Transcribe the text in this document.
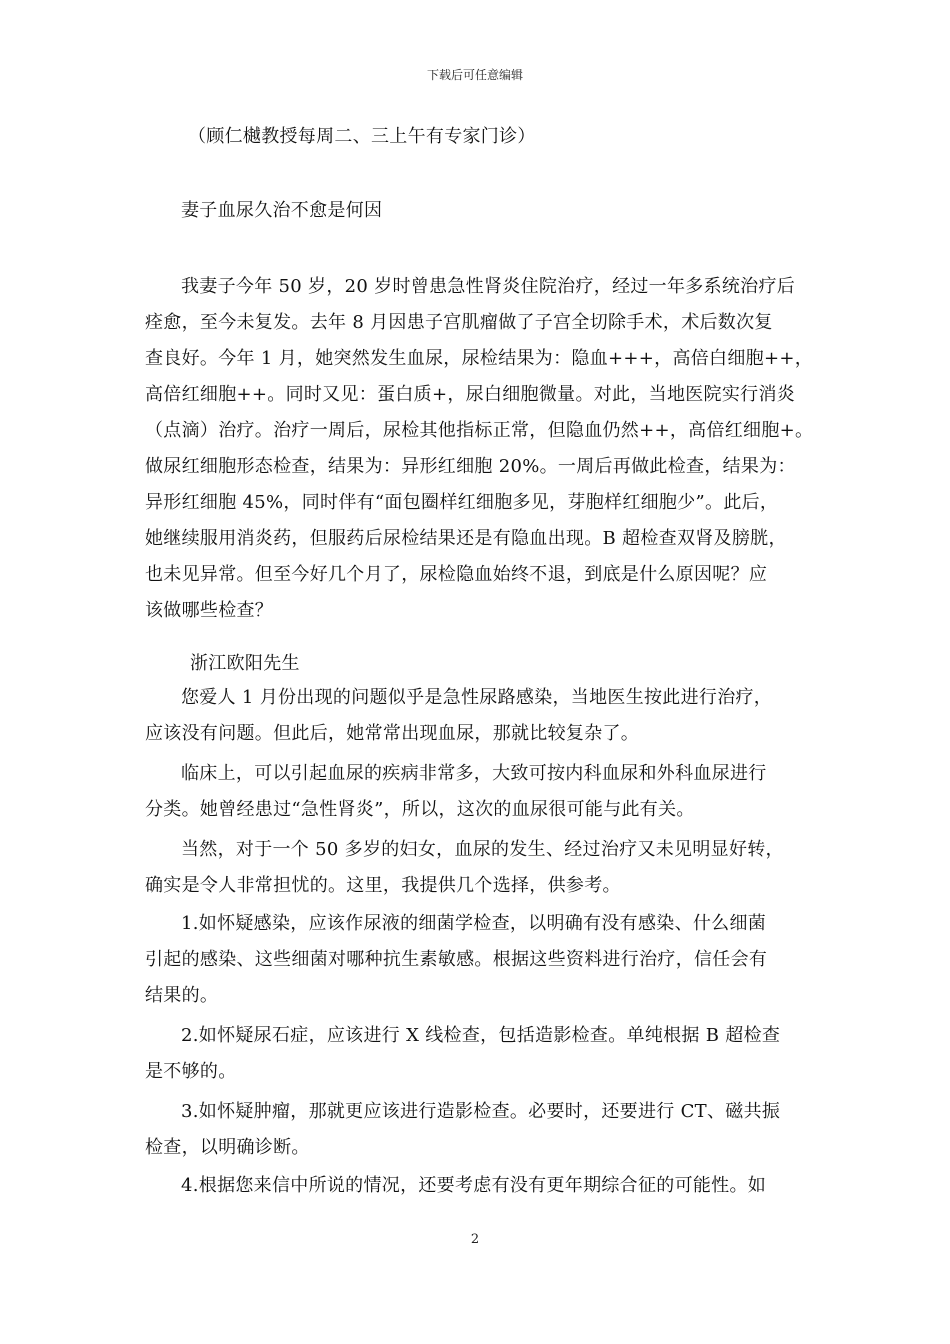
下载后可任意编辑

（顾仁樾教授每周二、三上午有专家门诊）

妻子血尿久治不愈是何因

我妻子今年 50 岁，20 岁时曾患急性肾炎住院治疗，经过一年多系统治疗后
痊愈，至今未复发。去年 8 月因患子宫肌瘤做了子宫全切除手术，术后数次复
查良好。今年 1 月，她突然发生血尿，尿检结果为：隐血+++，高倍白细胞++，
高倍红细胞++。同时又见：蛋白质+，尿白细胞微量。对此，当地医院实行消炎
（点滴）治疗。治疗一周后，尿检其他指标正常，但隐血仍然++，高倍红细胞+。
做尿红细胞形态检查，结果为：异形红细胞 20%。一周后再做此检查，结果为：
异形红细胞 45%，同时伴有“面包圈样红细胞多见，芽胞样红细胞少”。此后，
她继续服用消炎药，但服药后尿检结果还是有隐血出现。B 超检查双肾及膀胱，
也未见异常。但至今好几个月了，尿检隐血始终不退，到底是什么原因呢？应
该做哪些检查？

浙江欧阳先生

您爱人 1 月份出现的问题似乎是急性尿路感染，当地医生按此进行治疗，
应该没有问题。但此后，她常常出现血尿，那就比较复杂了。

临床上，可以引起血尿的疾病非常多，大致可按内科血尿和外科血尿进行
分类。她曾经患过“急性肾炎”，所以，这次的血尿很可能与此有关。

当然，对于一个 50 多岁的妇女，血尿的发生、经过治疗又未见明显好转，
确实是令人非常担忧的。这里，我提供几个选择，供参考。

1.如怀疑感染，应该作尿液的细菌学检查，以明确有没有感染、什么细菌
引起的感染、这些细菌对哪种抗生素敏感。根据这些资料进行治疗，信任会有
结果的。

2.如怀疑尿石症，应该进行 X 线检查，包括造影检查。单纯根据 B 超检查
是不够的。

3.如怀疑肿瘤，那就更应该进行造影检查。必要时，还要进行 CT、磁共振
检查，以明确诊断。

4.根据您来信中所说的情况，还要考虑有没有更年期综合征的可能性。如

2
